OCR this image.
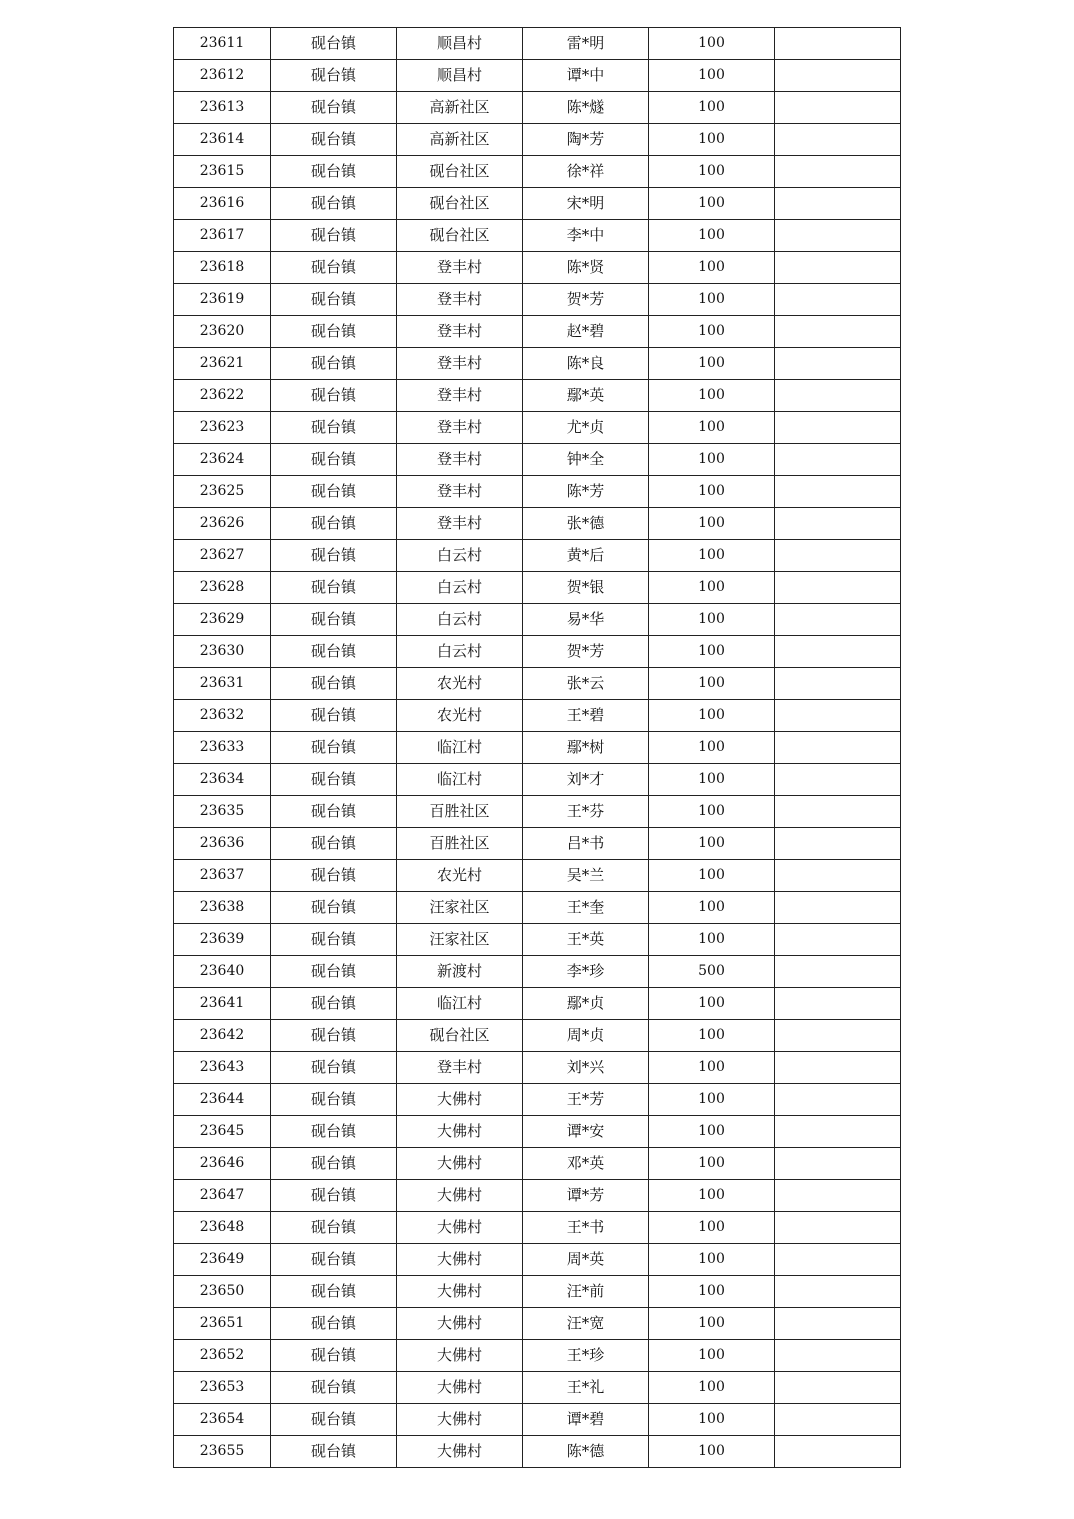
23611	砚台镇	顺昌村	雷*明	100	
23612	砚台镇	顺昌村	谭*中	100	
23613	砚台镇	高新社区	陈*燧	100	
23614	砚台镇	高新社区	陶*芳	100	
23615	砚台镇	砚台社区	徐*祥	100	
23616	砚台镇	砚台社区	宋*明	100	
23617	砚台镇	砚台社区	李*中	100	
23618	砚台镇	登丰村	陈*贤	100	
23619	砚台镇	登丰村	贺*芳	100	
23620	砚台镇	登丰村	赵*碧	100	
23621	砚台镇	登丰村	陈*良	100	
23622	砚台镇	登丰村	鄢*英	100	
23623	砚台镇	登丰村	尤*贞	100	
23624	砚台镇	登丰村	钟*全	100	
23625	砚台镇	登丰村	陈*芳	100	
23626	砚台镇	登丰村	张*德	100	
23627	砚台镇	白云村	黄*后	100	
23628	砚台镇	白云村	贺*银	100	
23629	砚台镇	白云村	易*华	100	
23630	砚台镇	白云村	贺*芳	100	
23631	砚台镇	农光村	张*云	100	
23632	砚台镇	农光村	王*碧	100	
23633	砚台镇	临江村	鄢*树	100	
23634	砚台镇	临江村	刘*才	100	
23635	砚台镇	百胜社区	王*芬	100	
23636	砚台镇	百胜社区	吕*书	100	
23637	砚台镇	农光村	吴*兰	100	
23638	砚台镇	汪家社区	王*奎	100	
23639	砚台镇	汪家社区	王*英	100	
23640	砚台镇	新渡村	李*珍	500	
23641	砚台镇	临江村	鄢*贞	100	
23642	砚台镇	砚台社区	周*贞	100	
23643	砚台镇	登丰村	刘*兴	100	
23644	砚台镇	大佛村	王*芳	100	
23645	砚台镇	大佛村	谭*安	100	
23646	砚台镇	大佛村	邓*英	100	
23647	砚台镇	大佛村	谭*芳	100	
23648	砚台镇	大佛村	王*书	100	
23649	砚台镇	大佛村	周*英	100	
23650	砚台镇	大佛村	汪*前	100	
23651	砚台镇	大佛村	汪*宽	100	
23652	砚台镇	大佛村	王*珍	100	
23653	砚台镇	大佛村	王*礼	100	
23654	砚台镇	大佛村	谭*碧	100	
23655	砚台镇	大佛村	陈*德	100	
